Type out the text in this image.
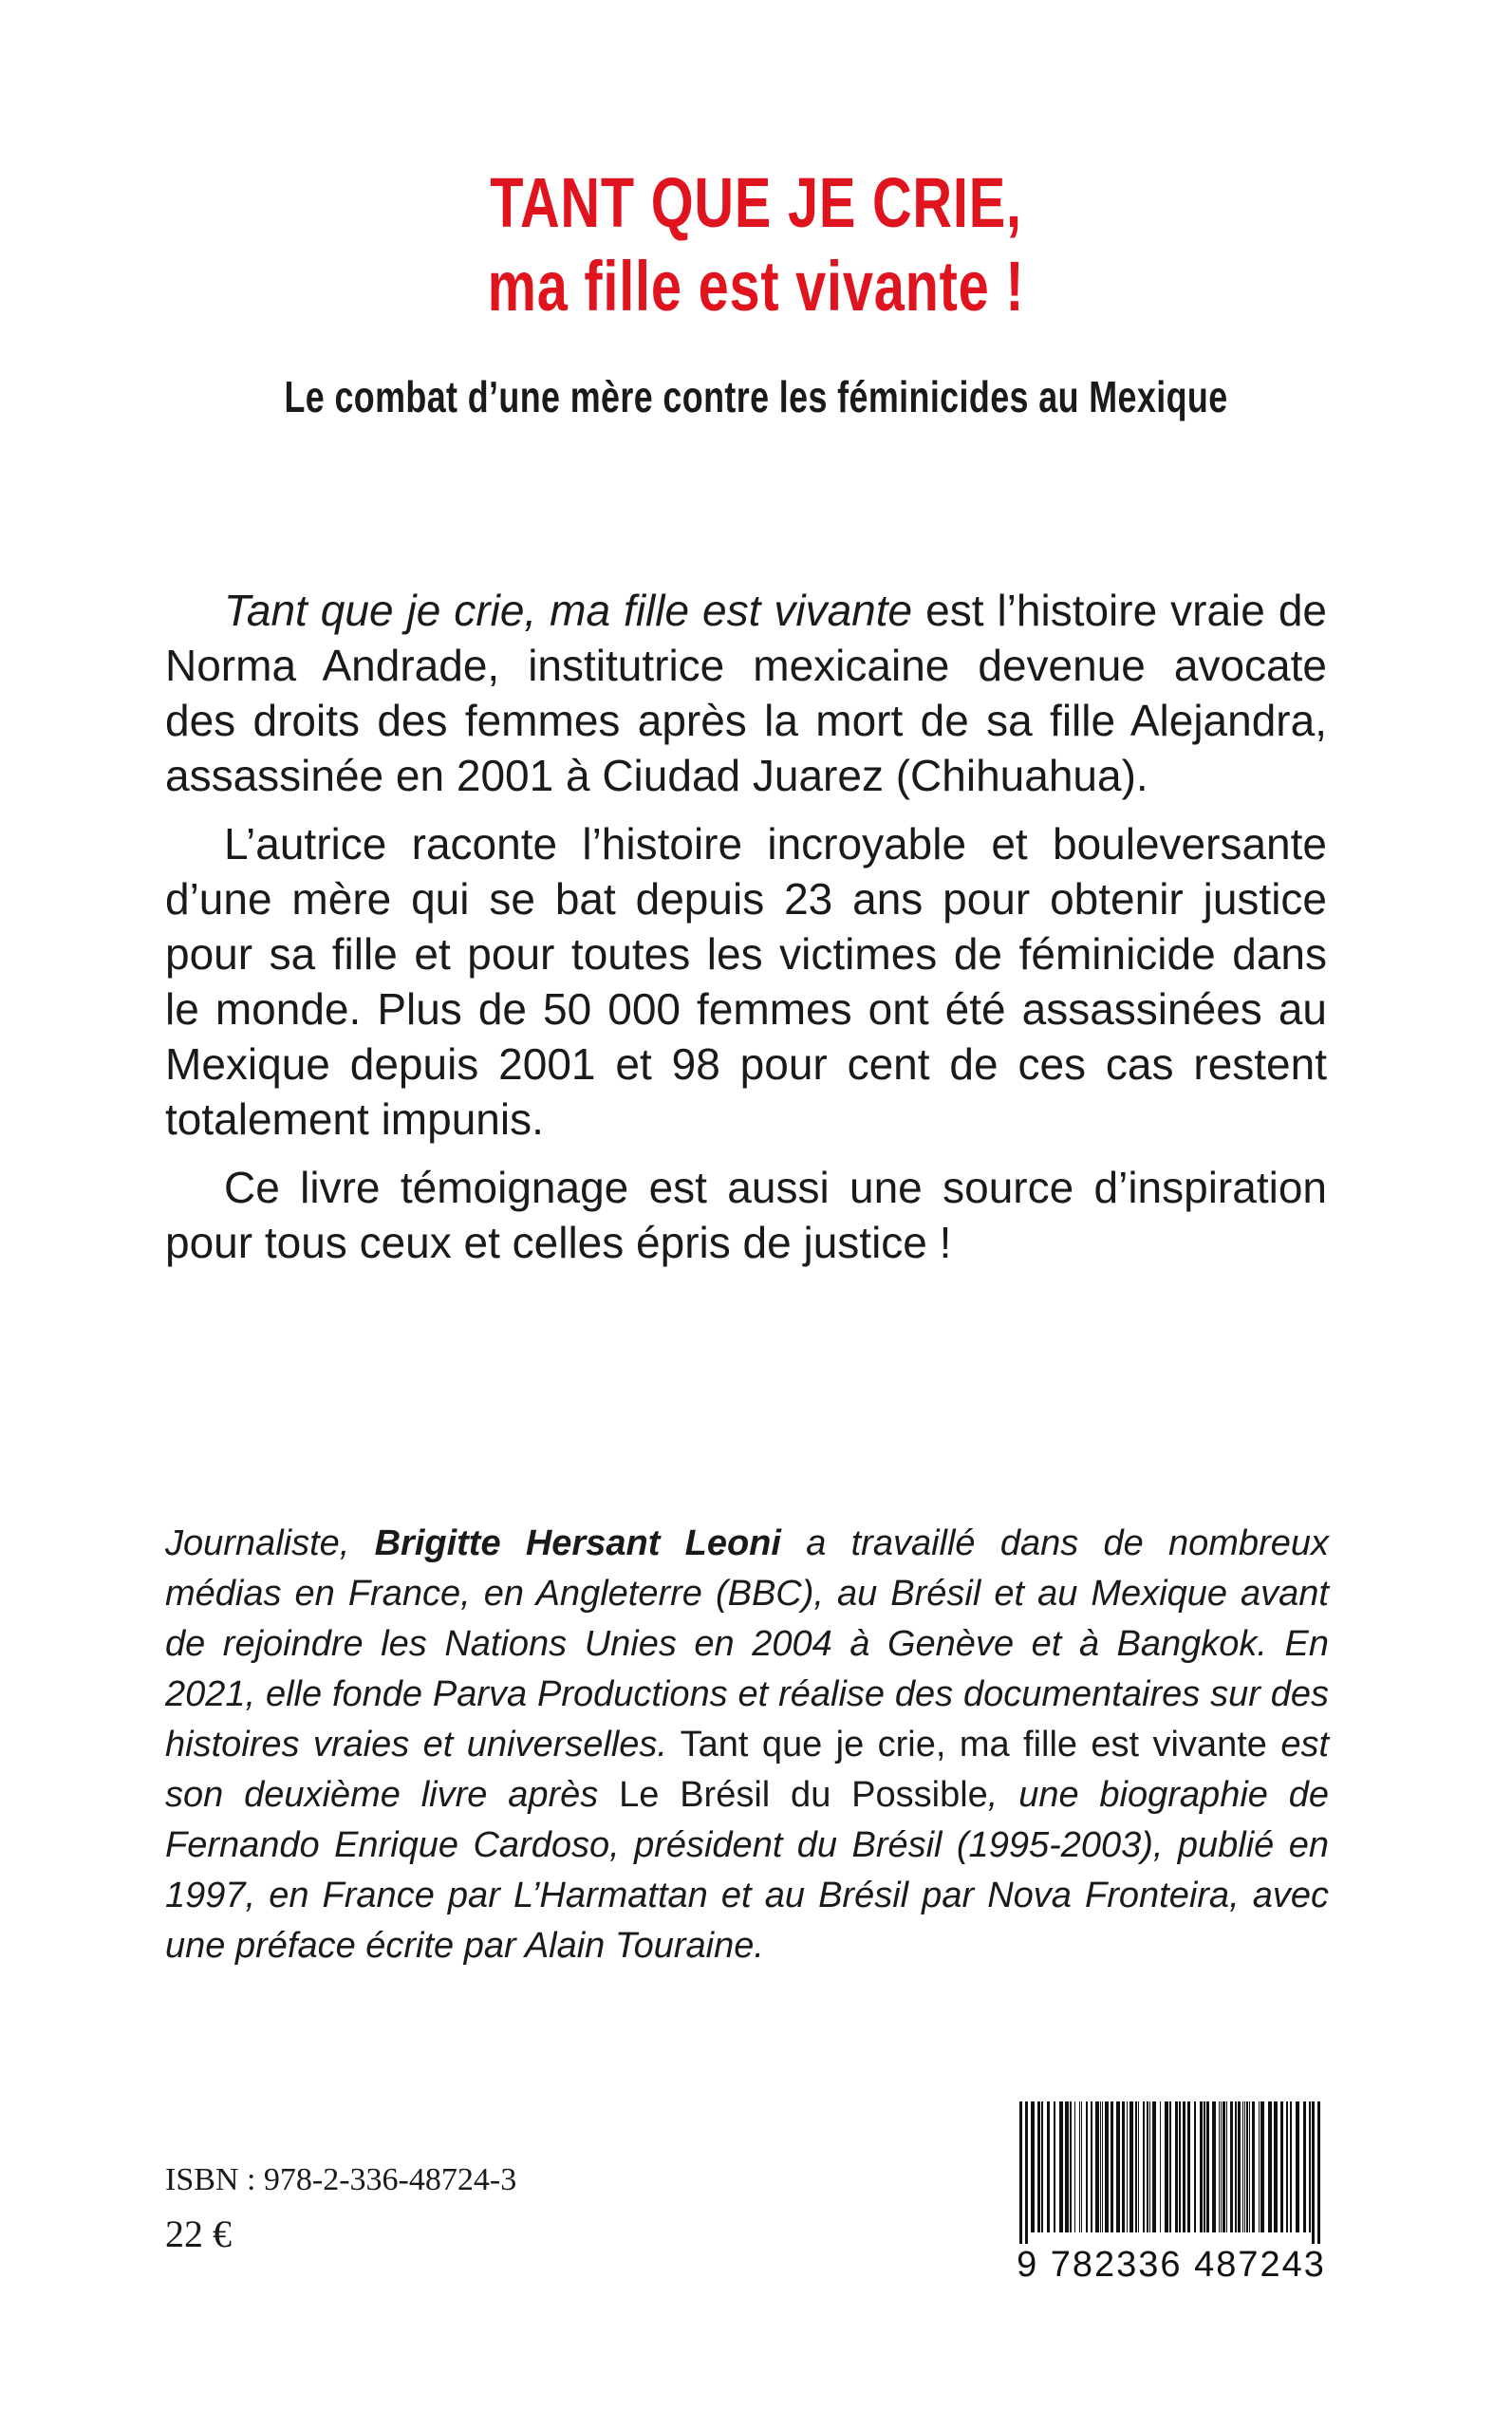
TANT QUE JE CRIE,
ma fille est vivante !
Le combat d’une mère contre les féminicides au Mexique

Tant que je crie, ma fille est vivante est l’histoire vraie de Norma Andrade, institutrice mexicaine devenue avocate des droits des femmes après la mort de sa fille Alejandra, assassinée en 2001 à Ciudad Juarez (Chihuahua).

L’autrice raconte l’histoire incroyable et bouleversante d’une mère qui se bat depuis 23 ans pour obtenir justice pour sa fille et pour toutes les victimes de féminicide dans le monde. Plus de 50 000 femmes ont été assassinées au Mexique depuis 2001 et 98 pour cent de ces cas restent totalement impunis.

Ce livre témoignage est aussi une source d’inspiration pour tous ceux et celles épris de justice !

Journaliste, Brigitte Hersant Leoni a travaillé dans de nombreux médias en France, en Angleterre (BBC), au Brésil et au Mexique avant de rejoindre les Nations Unies en 2004 à Genève et à Bangkok. En 2021, elle fonde Parva Productions et réalise des documentaires sur des histoires vraies et universelles. Tant que je crie, ma fille est vivante est son deuxième livre après Le Brésil du Possible, une biographie de Fernando Enrique Cardoso, président du Brésil (1995-2003), publié en 1997, en France par L’Harmattan et au Brésil par Nova Fronteira, avec une préface écrite par Alain Touraine.
ISBN : 978-2-336-48724-3
22 €
9 782336 487243
